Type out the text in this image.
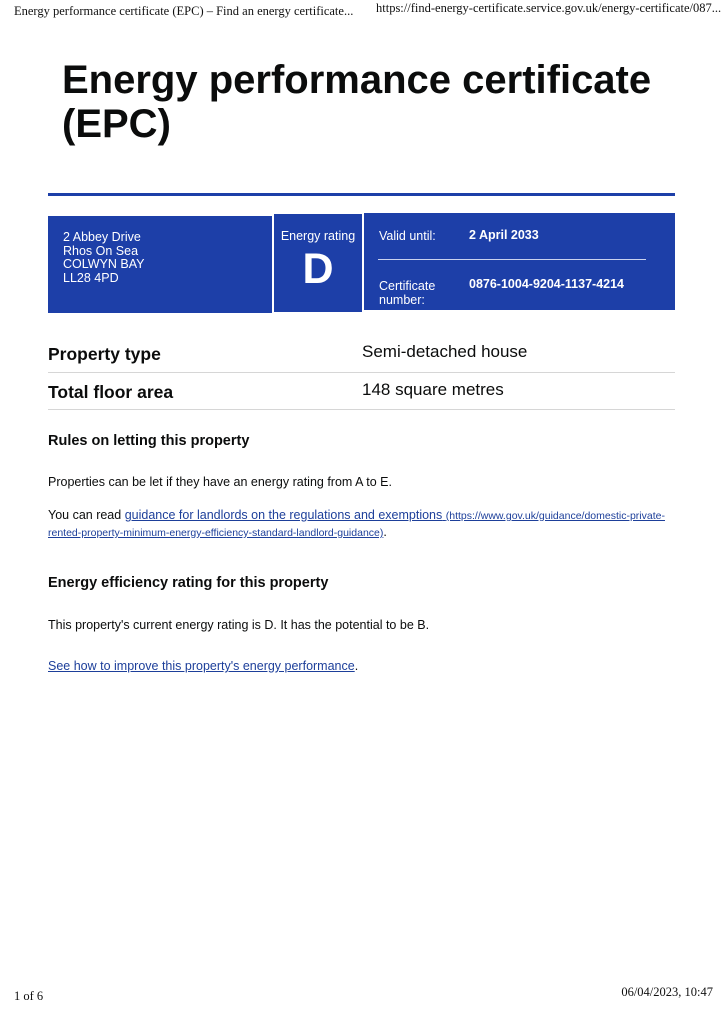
Energy performance certificate (EPC) – Find an energy certificate... https://find-energy-certificate.service.gov.uk/energy-certificate/087...
Energy performance certificate (EPC)
2 Abbey Drive
Rhos On Sea
COLWYN BAY
LL28 4PD
Energy rating
D
Valid until:	2 April 2033
Certificate number:
0876-1004-9204-1137-4214
Property type	Semi-detached house
Total floor area	148 square metres
Rules on letting this property

Properties can be let if they have an energy rating from A to E.

You can read guidance for landlords on the regulations and exemptions (https://www.gov.uk/guidance/domestic-private-rented-property-minimum-energy-efficiency-standard-landlord-guidance).

Energy efficiency rating for this property

This property's current energy rating is D. It has the potential to be B.

See how to improve this property's energy performance.

1 of 6	06/04/2023, 10:47
